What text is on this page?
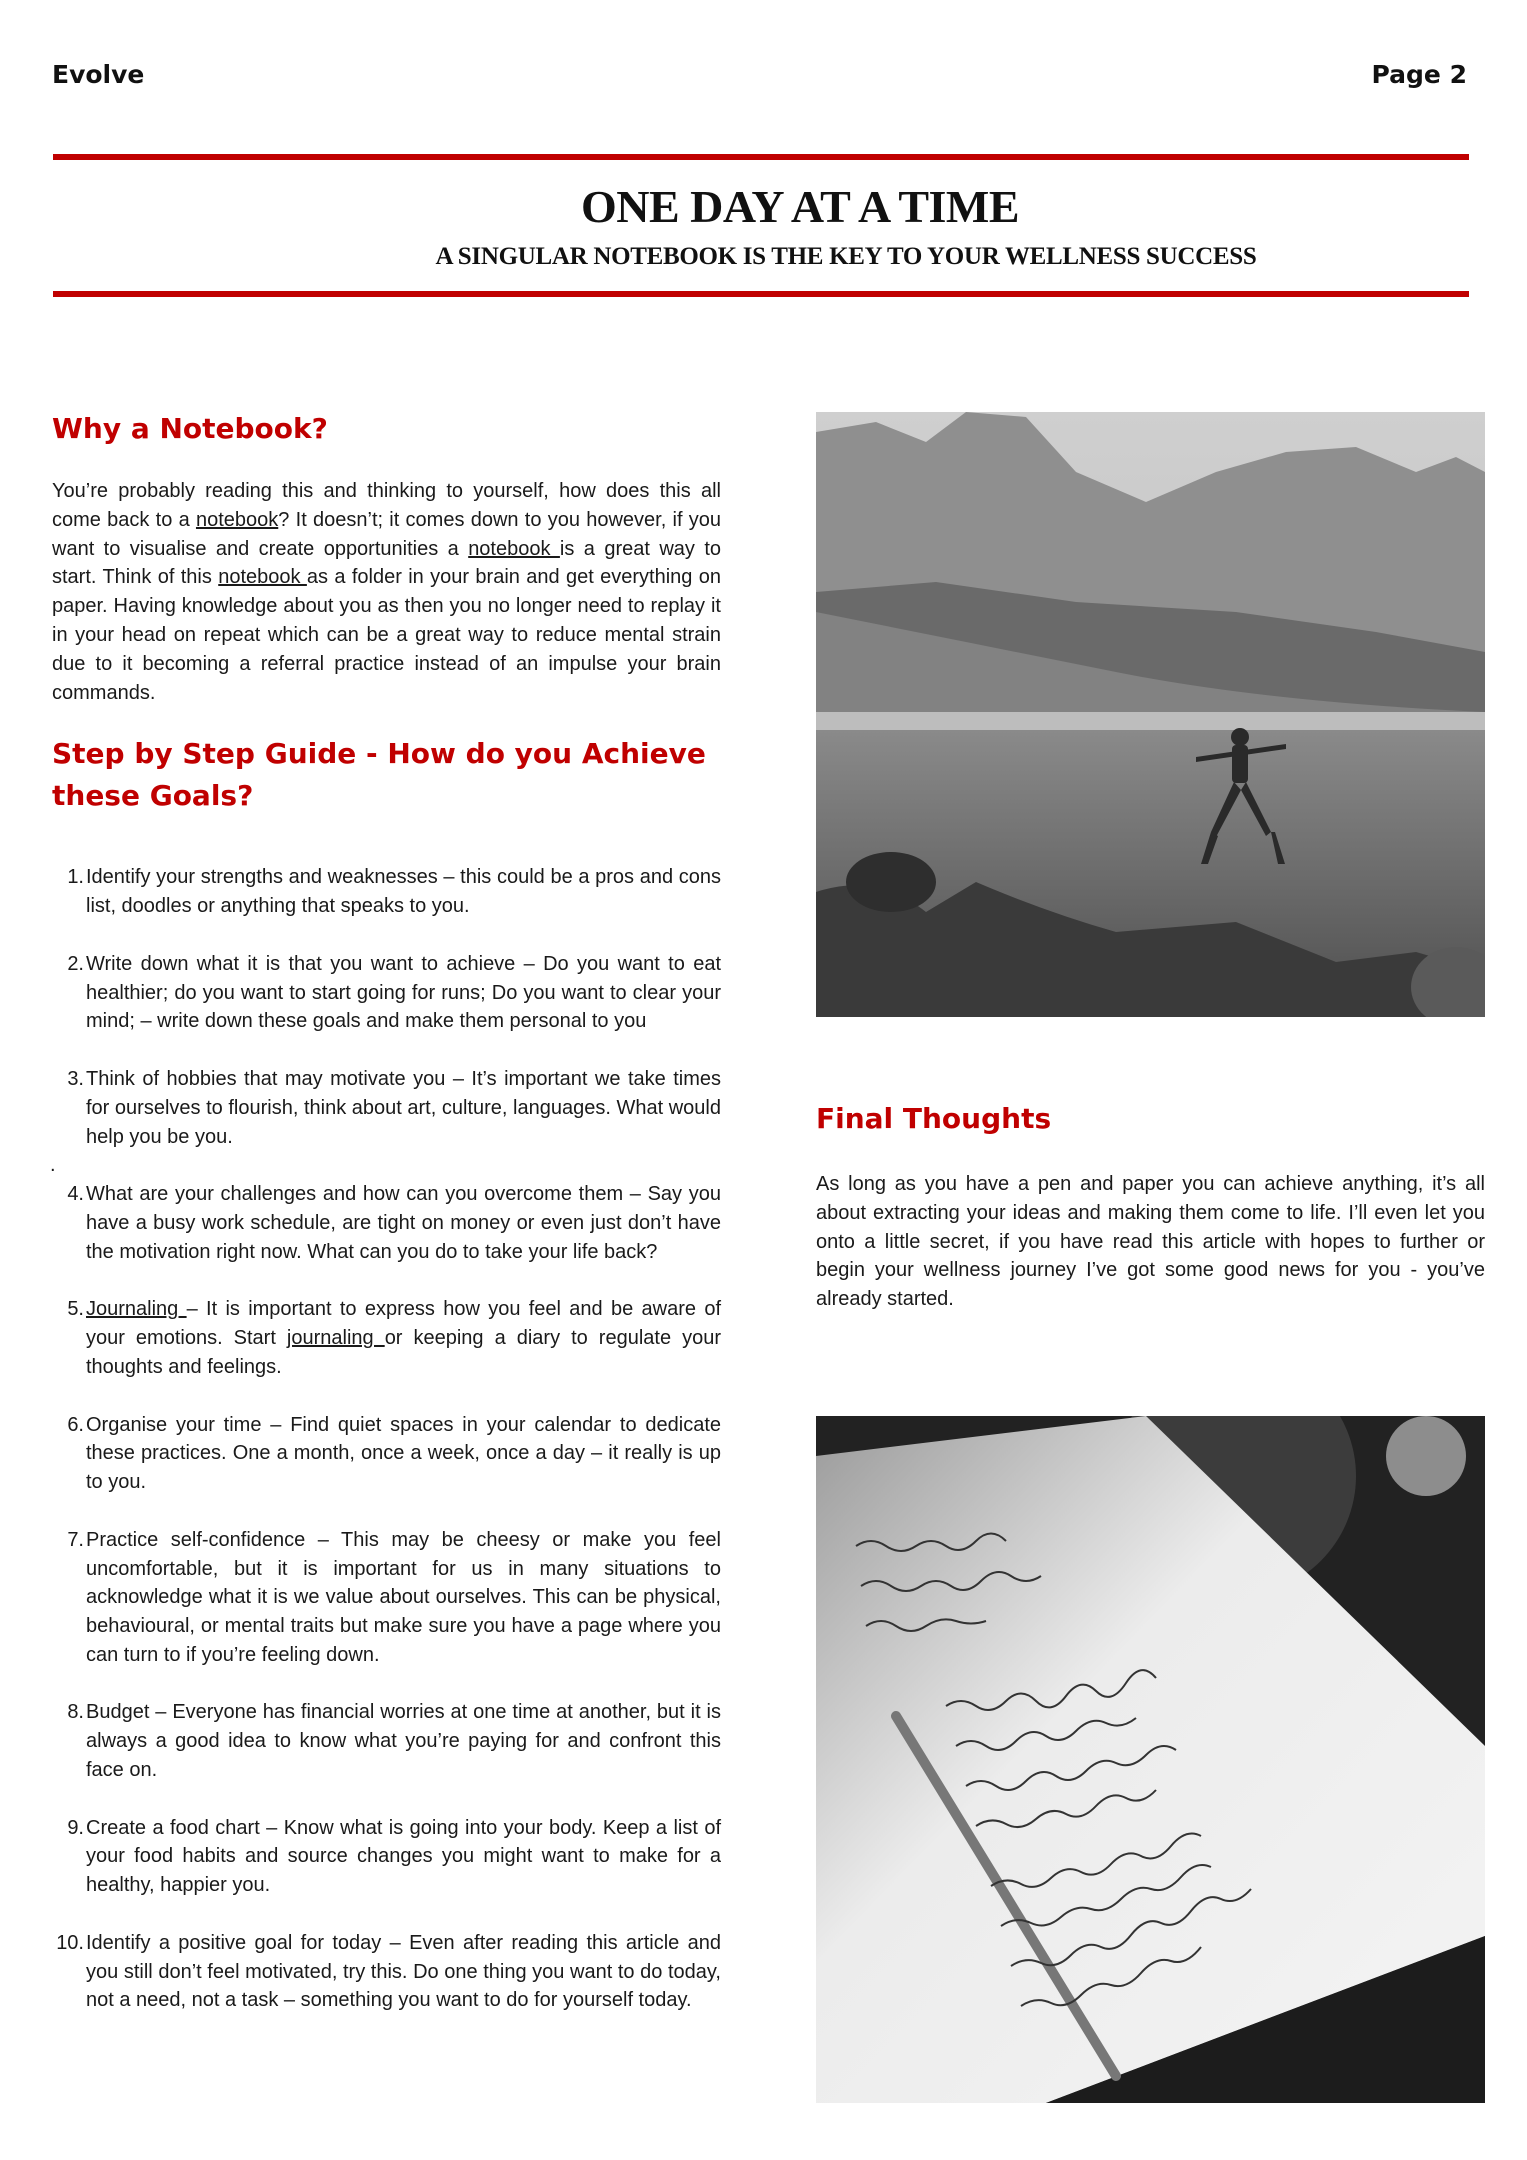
Evolve	Page 2
ONE DAY AT A TIME
A SINGULAR NOTEBOOK IS THE KEY TO YOUR WELLNESS SUCCESS
Why a Notebook?

You’re probably reading this and thinking to yourself, how does this all come back to a notebook? It doesn’t; it comes down to you however, if you want to visualise and create opportunities a notebook is a great way to start. Think of this notebook as a folder in your brain and get everything on paper. Having knowledge about you as then you no longer need to replay it in your head on repeat which can be a great way to reduce mental strain due to it becoming a referral practice instead of an impulse your brain commands.

Step by Step Guide - How do you Achieve these Goals?
1. Identify your strengths and weaknesses – this could be a pros and cons list, doodles or anything that speaks to you.
2. Write down what it is that you want to achieve – Do you want to eat healthier; do you want to start going for runs; Do you want to clear your mind; – write down these goals and make them personal to you
3. Think of hobbies that may motivate you – It’s important we take times for ourselves to flourish, think about art, culture, languages. What would help you be you.
.
4. What are your challenges and how can you overcome them – Say you have a busy work schedule, are tight on money or even just don’t have the motivation right now. What can you do to take your life back?
5. Journaling – It is important to express how you feel and be aware of your emotions. Start journaling or keeping a diary to regulate your thoughts and feelings.
6. Organise your time – Find quiet spaces in your calendar to dedicate these practices. One a month, once a week, once a day – it really is up to you.
7. Practice self-confidence – This may be cheesy or make you feel uncomfortable, but it is important for us in many situations to acknowledge what it is we value about ourselves. This can be physical, behavioural, or mental traits but make sure you have a page where you can turn to if you’re feeling down.
8. Budget – Everyone has financial worries at one time at another, but it is always a good idea to know what you’re paying for and confront this face on.
9. Create a food chart – Know what is going into your body. Keep a list of your food habits and source changes you might want to make for a healthy, happier you.
10. Identify a positive goal for today – Even after reading this article and you still don’t feel motivated, try this. Do one thing you want to do today, not a need, not a task – something you want to do for yourself today.
Final Thoughts

As long as you have a pen and paper you can achieve anything, it’s all about extracting your ideas and making them come to life. I’ll even let you onto a little secret, if you have read this article with hopes to further or begin your wellness journey I’ve got some good news for you - you’ve already started.
